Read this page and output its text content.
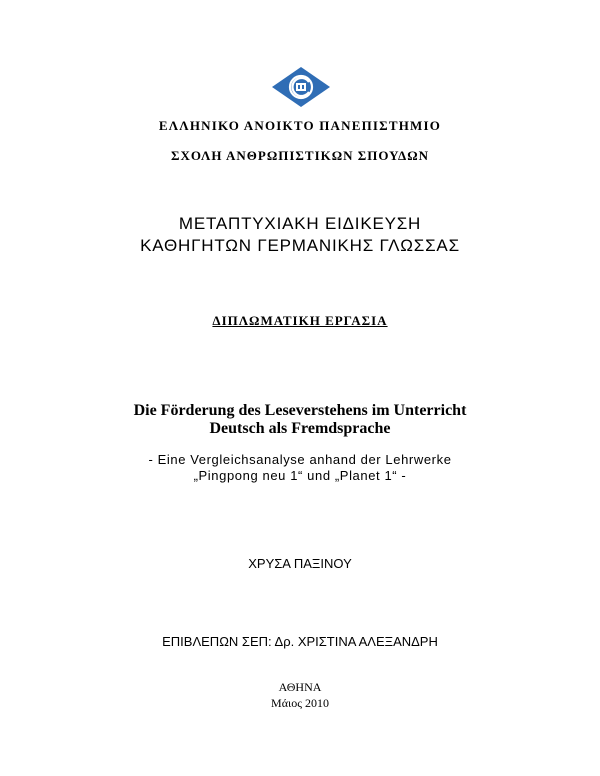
ΕΛΛΗΝΙΚΟ ΑΝΟΙΚΤΟ ΠΑΝΕΠΙΣΤΗΜΙΟ
ΣΧΟΛΗ ΑΝΘΡΩΠΙΣΤΙΚΩΝ ΣΠΟΥΔΩΝ
ΜΕΤΑΠΤΥΧΙΑΚΗ ΕΙΔΙΚΕΥΣΗ
ΚΑΘΗΓΗΤΩΝ ΓΕΡΜΑΝΙΚΗΣ ΓΛΩΣΣΑΣ
ΔΙΠΛΩΜΑΤΙΚΗ ΕΡΓΑΣΙΑ
Die Förderung des Leseverstehens im Unterricht
Deutsch als Fremdsprache
- Eine Vergleichsanalyse anhand der Lehrwerke
„Pingpong neu 1“ und „Planet 1“ -
ΧΡΥΣΑ ΠΑΞΙΝΟΥ
ΕΠΙΒΛΕΠΩΝ ΣΕΠ: Δρ. ΧΡΙΣΤΙΝΑ ΑΛΕΞΑΝΔΡΗ
ΑΘΗΝΑ
Μάιος 2010
